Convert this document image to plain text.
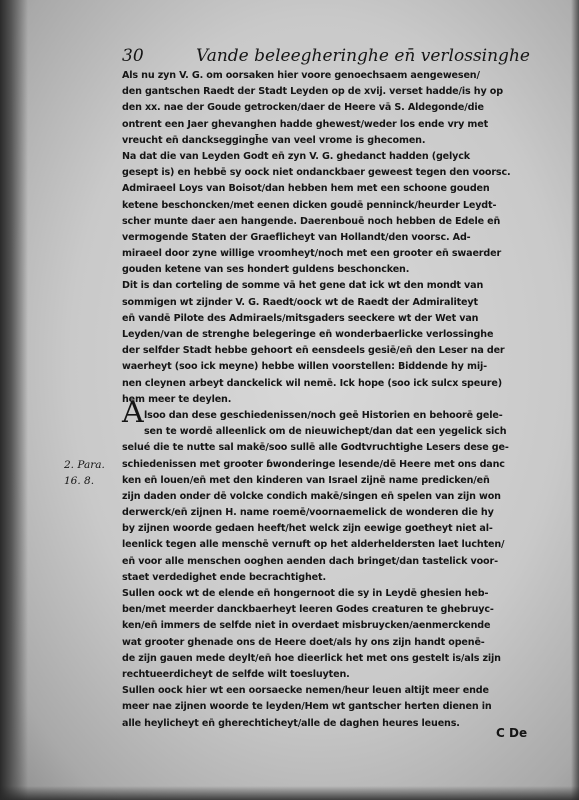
30	Vande beleegheringhe en̄ verlossinghe
A
2. Para.
16. 8.
Als nu zyn V. G. om oorsaken hier voore genoechsaem aengewesen/
den gantschen Raedt der Stadt Leyden op de xvij. verset hadde/is hy op
den xx. nae der Goude getrocken/daer de Heere vā S. Aldegonde/die
ontrent een Jaer ghevanghen hadde ghewest/weder los ende vry met
vreucht en̄ danckseggingh̄e van veel vrome is ghecomen.
Na dat die van Leyden Godt en̄ zyn V. G. ghedanct hadden (gelyck
gesept is) en hebbē sy oock niet ondanckbaer geweest tegen den voorsc.
Admiraeel Loys van Boisot/dan hebben hem met een schoone gouden
ketene beschoncken/met eenen dicken goudē penninck/heurder Leydt-
scher munte daer aen hangende. Daerenbouē noch hebben de Edele en̄
vermogende Staten der Graeflicheyt van Hollandt/den voorsc. Ad-
miraeel door zyne willige vroomheyt/noch met een grooter en̄ swaerder
gouden ketene van ses hondert guldens beschoncken.
Dit is dan corteling de somme vā het gene dat ick wt den mondt van
sommigen wt zijnder V. G. Raedt/oock wt de Raedt der Admiraliteyt
en̄ vandē Pilote des Admiraels/mitsgaders seeckere wt der Wet van
Leyden/van de strenghe belegeringe en̄ wonderbaerlicke verlossinghe
der selfder Stadt hebbe gehoort en̄ eensdeels gesiē/en̄ den Leser na der
waerheyt (soo ick meyne) hebbe willen voorstellen: Biddende hy mij-
nen cleynen arbeyt danckelick wil nemē. Ick hope (soo ick sulcx speure)
hem meer te deylen.
lsoo dan dese geschiedenissen/noch geē Historien en behoorē gele-
sen te wordē alleenlick om de nieuwichept/dan dat een yegelick sich
selué die te nutte sal makē/soo sullē alle Godtvruchtighe Lesers dese ge-
schiedenissen met grooter ɓwonderinge lesende/dē Heere met ons danc
ken en̄ louen/en̄ met den kinderen van Israel zijnē name predicken/en̄
zijn daden onder dē volcke condich makē/singen en̄ spelen van zijn won
derwerck/en̄ zijnen H. name roemē/voornaemelick de wonderen die hy
by zijnen woorde gedaen heeft/het welck zijn eewige goetheyt niet al-
leenlick tegen alle menschē vernuft op het alderheldersten laet luchten/
en̄ voor alle menschen ooghen aenden dach bringet/dan tastelick voor-
staet verdedighet ende becrachtighet.
Sullen oock wt de elende en̄ hongernoot die sy in Leydē ghesien heb-
ben/met meerder danckbaerheyt leeren Godes creaturen te ghebruyc-
ken/en̄ immers de selfde niet in overdaet misbruycken/aenmerckende
wat grooter ghenade ons de Heere doet/als hy ons zijn handt openē-
de zijn gauen mede deylt/en̄ hoe dieerlick het met ons gestelt is/als zijn
rechtueerdicheyt de selfde wilt toesluyten.
Sullen oock hier wt een oorsaecke nemen/heur leuen altijt meer ende
meer nae zijnen woorde te leyden/Hem wt gantscher herten dienen in
alle heylicheyt en̄ gherechticheyt/alle de daghen heures leuens.
C De
